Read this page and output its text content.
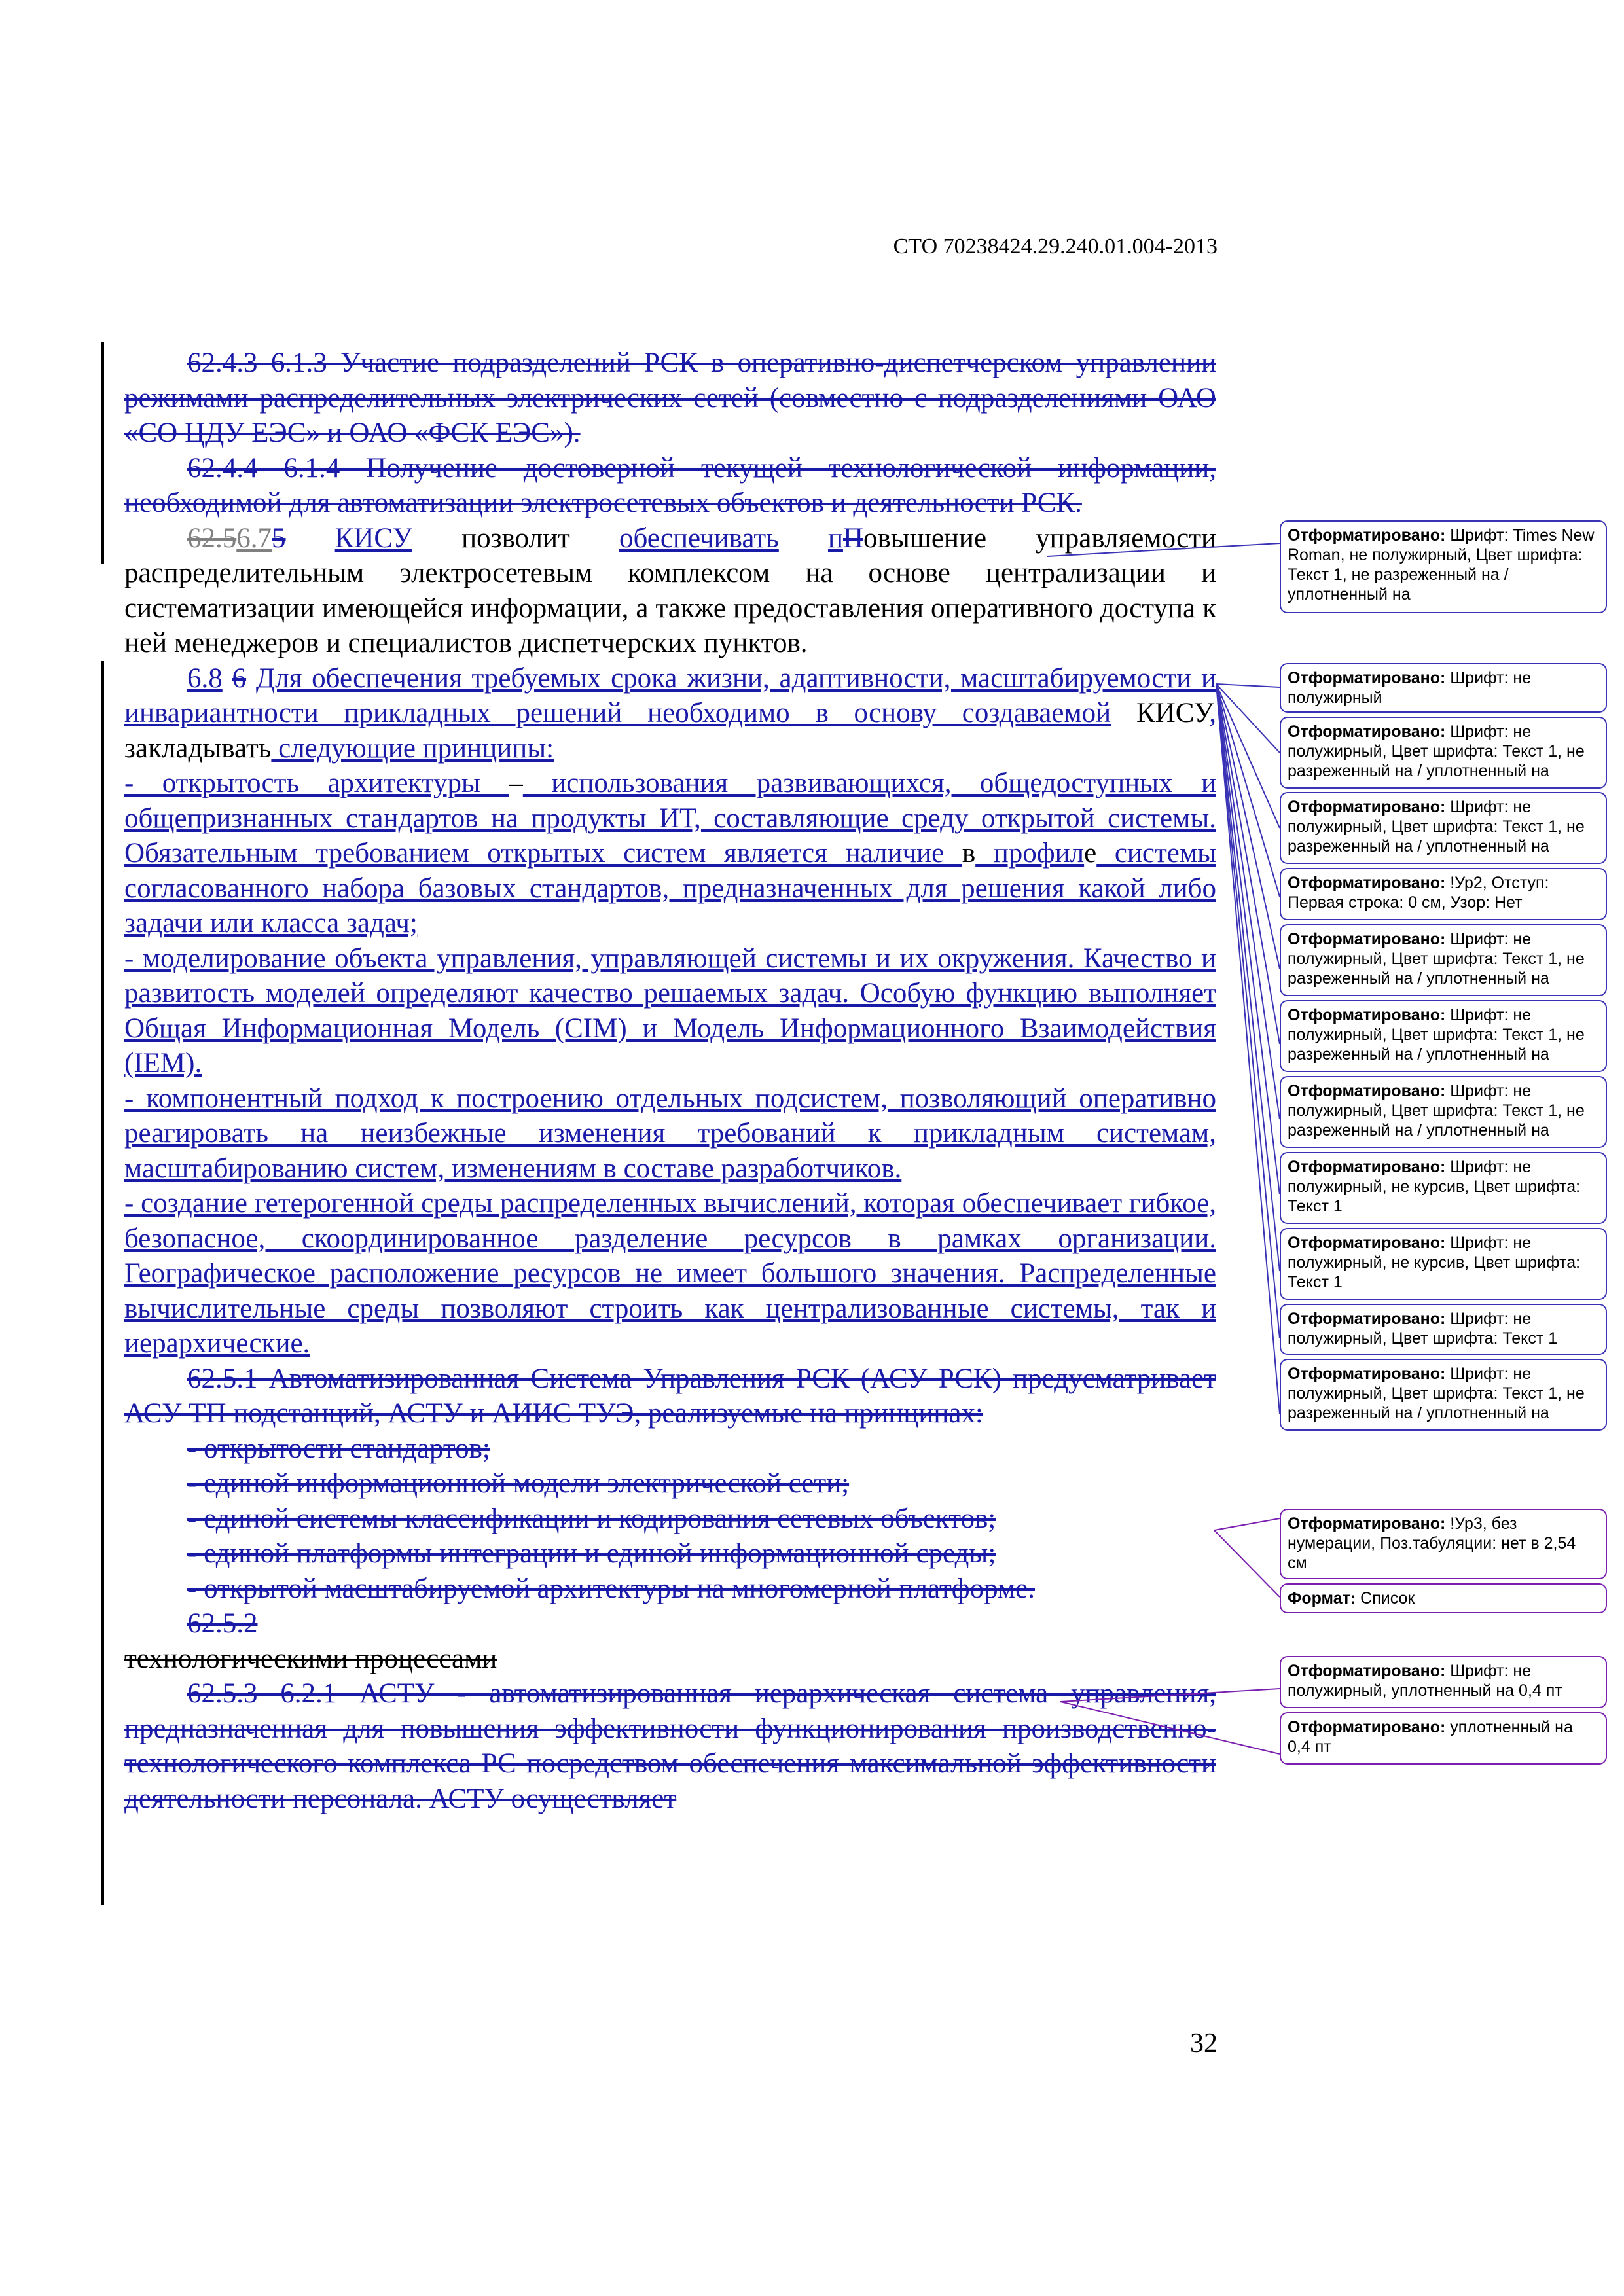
СТО 70238424.29.240.01.004-2013

62.4.3 6.1.3 Участие подразделений РСК в оперативно-диспетчерском управлении режимами распределительных электрических сетей (совместно с подразделениями ОАО «СО ЦДУ ЕЭС» и ОАО «ФСК ЕЭС»).

62.4.4 6.1.4 Получение достоверной текущей технологической информации, необходимой для автоматизации электросетевых объектов и деятельности РСК.

62.56.75 КИСУ позволит обеспечивать пПовышение управляемости распределительным электросетевым комплексом на основе централизации и систематизации имеющейся информации, а также предоставления оперативного доступа к ней менеджеров и специалистов диспетчерских пунктов.

6.8 6 Для обеспечения требуемых срока жизни, адаптивности, масштабируемости и инвариантности прикладных решений необходимо в основу создаваемой КИСУ, закладывать следующие принципы:

- открытость архитектуры – использования развивающихся, общедоступных и общепризнанных стандартов на продукты ИТ, составляющие среду открытой системы. Обязательным требованием открытых систем является наличие в профиле системы согласованного набора базовых стандартов, предназначенных для решения какой либо задачи или класса задач;

- моделирование объекта управления, управляющей системы и их окружения. Качество и развитость моделей определяют качество решаемых задач. Особую функцию выполняет Общая Информационная Модель (CIM) и Модель Информационного Взаимодействия (IEM).

- компонентный подход к построению отдельных подсистем, позволяющий оперативно реагировать на неизбежные изменения требований к прикладным системам, масштабированию систем, изменениям в составе разработчиков.

- создание гетерогенной среды распределенных вычислений, которая обеспечивает гибкое, безопасное, скоординированное разделение ресурсов в рамках организации. Географическое расположение ресурсов не имеет большого значения. Распределенные вычислительные среды позволяют строить как централизованные системы, так и иерархические.

62.5.1 Автоматизированная Система Управления РСК (АСУ РСК) предусматривает АСУ ТП подстанций, АСТУ и АИИС ТУЭ, реализуемые на принципах:

- открытости стандартов;

- единой информационной модели электрической сети;

- единой системы классификации и кодирования сетевых объектов;

- единой платформы интеграции и единой информационной среды;

- открытой масштабируемой архитектуры на многомерной платформе.

62.5.2

технологическими процессами

62.5.3 6.2.1 АСТУ - автоматизированная иерархическая система управления, предназначенная для повышения эффективности функционирования производственно-технологического комплекса РС посредством обеспечения максимальной эффективности деятельности персонала. АСТУ осуществляет

Отформатировано: Шрифт: Times New Roman, не полужирный, Цвет шрифта: Текст 1, не разреженный на / уплотненный на
Отформатировано: Шрифт: не полужирный
Отформатировано: Шрифт: не полужирный, Цвет шрифта: Текст 1, не разреженный на / уплотненный на
Отформатировано: Шрифт: не полужирный, Цвет шрифта: Текст 1, не разреженный на / уплотненный на
Отформатировано: !Ур2, Отступ: Первая строка: 0 см, Узор: Нет
Отформатировано: Шрифт: не полужирный, Цвет шрифта: Текст 1, не разреженный на / уплотненный на
Отформатировано: Шрифт: не полужирный, Цвет шрифта: Текст 1, не разреженный на / уплотненный на
Отформатировано: Шрифт: не полужирный, Цвет шрифта: Текст 1, не разреженный на / уплотненный на
Отформатировано: Шрифт: не полужирный, не курсив, Цвет шрифта: Текст 1
Отформатировано: Шрифт: не полужирный, не курсив, Цвет шрифта: Текст 1
Отформатировано: Шрифт: не полужирный, Цвет шрифта: Текст 1
Отформатировано: Шрифт: не полужирный, Цвет шрифта: Текст 1, не разреженный на / уплотненный на
Отформатировано: !Ур3, без нумерации, Поз.табуляции: нет в 2,54 см
Формат: Список
Отформатировано: Шрифт: не полужирный, уплотненный на 0,4 пт
Отформатировано: уплотненный на 0,4 пт
32
